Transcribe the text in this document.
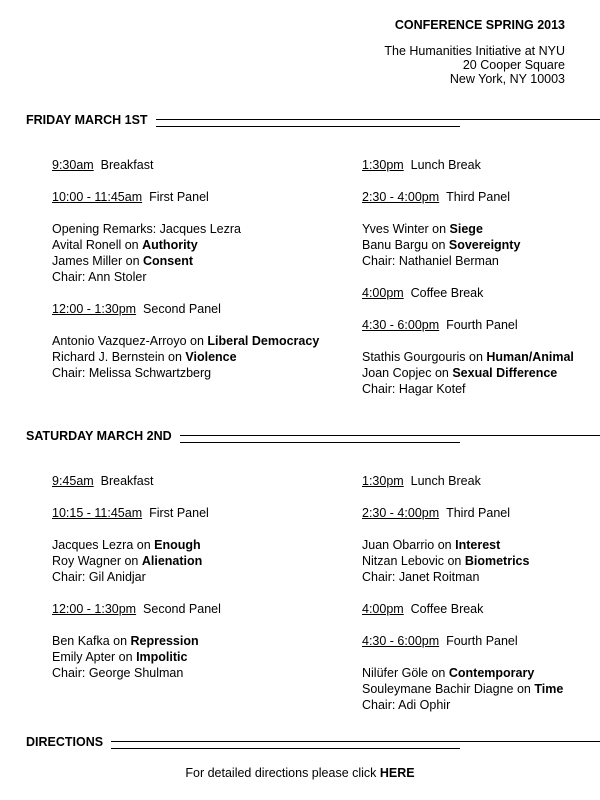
CONFERENCE SPRING 2013
The Humanities Initiative at NYU
20 Cooper Square
New York, NY 10003
FRIDAY MARCH 1ST
9:30am Breakfast
10:00 - 11:45am First Panel
Opening Remarks: Jacques Lezra
Avital Ronell on Authority
James Miller on Consent
Chair: Ann Stoler
12:00 - 1:30pm Second Panel
Antonio Vazquez-Arroyo on Liberal Democracy
Richard J. Bernstein on Violence
Chair: Melissa Schwartzberg
1:30pm Lunch Break
2:30 - 4:00pm Third Panel
Yves Winter on Siege
Banu Bargu on Sovereignty
Chair: Nathaniel Berman
4:00pm Coffee Break
4:30 - 6:00pm Fourth Panel
Stathis Gourgouris on Human/Animal
Joan Copjec on Sexual Difference
Chair: Hagar Kotef
SATURDAY MARCH 2ND
9:45am Breakfast
10:15 - 11:45am First Panel
Jacques Lezra on Enough
Roy Wagner on Alienation
Chair: Gil Anidjar
12:00 - 1:30pm Second Panel
Ben Kafka on Repression
Emily Apter on Impolitic
Chair: George Shulman
1:30pm Lunch Break
2:30 - 4:00pm Third Panel
Juan Obarrio on Interest
Nitzan Lebovic on Biometrics
Chair: Janet Roitman
4:00pm Coffee Break
4:30 - 6:00pm Fourth Panel
Nilüfer Göle on Contemporary
Souleymane Bachir Diagne on Time
Chair: Adi Ophir
DIRECTIONS
For detailed directions please click HERE
